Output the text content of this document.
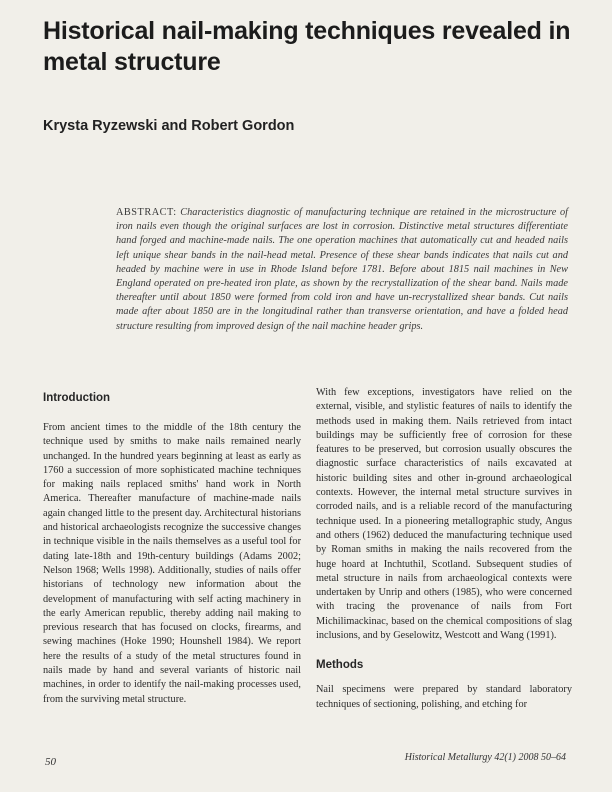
Historical nail-making techniques revealed in metal structure

Krysta Ryzewski and Robert Gordon

ABSTRACT: Characteristics diagnostic of manufacturing technique are retained in the microstructure of iron nails even though the original surfaces are lost in corrosion. Distinctive metal structures differentiate hand forged and machine-made nails. The one operation machines that automatically cut and headed nails left unique shear bands in the nail-head metal. Presence of these shear bands indicates that nails cut and headed by machine were in use in Rhode Island before 1781. Before about 1815 nail machines in New England operated on pre-heated iron plate, as shown by the recrystallization of the shear band. Nails made thereafter until about 1850 were formed from cold iron and have un-recrystallized shear bands. Cut nails made after about 1850 are in the longitudinal rather than transverse orientation, and have a folded head structure resulting from improved design of the nail machine header grips.

Introduction

From ancient times to the middle of the 18th century the technique used by smiths to make nails remained nearly unchanged. In the hundred years beginning at least as early as 1760 a succession of more sophisticated machine techniques for making nails replaced smiths' hand work in North America. Thereafter manufacture of machine-made nails again changed little to the present day. Architectural historians and historical archaeologists recognize the successive changes in technique visible in the nails themselves as a useful tool for dating late-18th and 19th-century buildings (Adams 2002; Nelson 1968; Wells 1998). Additionally, studies of nails offer historians of technology new information about the development of manufacturing with self acting machinery in the early American republic, thereby adding nail making to previous research that has focused on clocks, firearms, and sewing machines (Hoke 1990; Hounshell 1984). We report here the results of a study of the metal structures found in nails made by hand and several variants of historic nail machines, in order to identify the nail-making processes used, from the surviving metal structure.

With few exceptions, investigators have relied on the external, visible, and stylistic features of nails to identify the methods used in making them. Nails retrieved from intact buildings may be sufficiently free of corrosion for these features to be preserved, but corrosion usually obscures the diagnostic surface characteristics of nails excavated at historic building sites and other in-ground archaeological contexts. However, the internal metal structure survives in corroded nails, and is a reliable record of the manufacturing technique used. In a pioneering metallographic study, Angus and others (1962) deduced the manufacturing technique used by Roman smiths in making the nails recovered from the huge hoard at Inchtuthil, Scotland. Subsequent studies of metal structure in nails from archaeological contexts were undertaken by Unrip and others (1985), who were concerned with tracing the provenance of nails from Fort Michilimackinac, based on the chemical compositions of slag inclusions, and by Geselowitz, Westcott and Wang (1991).

Methods

Nail specimens were prepared by standard laboratory techniques of sectioning, polishing, and etching for

50	Historical Metallurgy 42(1) 2008 50–64
